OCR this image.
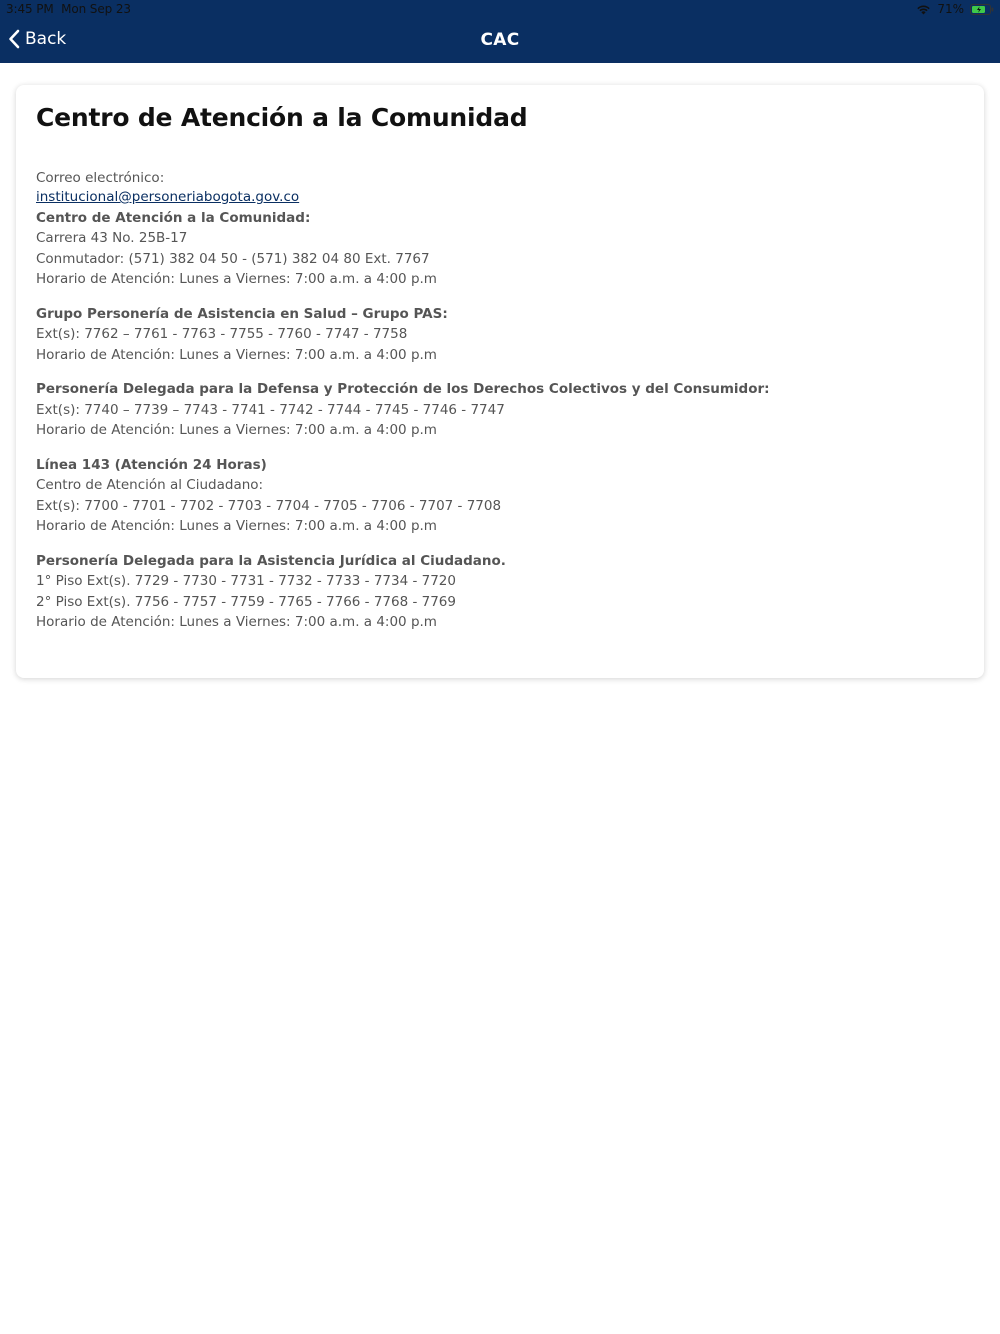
3:45 PM Mon Sep 23	71%
Back	CAC
Centro de Atención a la Comunidad
Correo electrónico:
institucional@personeriabogota.gov.co
Centro de Atención a la Comunidad:
Carrera 43 No. 25B-17
Conmutador: (571) 382 04 50 - (571) 382 04 80 Ext. 7767
Horario de Atención: Lunes a Viernes: 7:00 a.m. a 4:00 p.m
Grupo Personería de Asistencia en Salud – Grupo PAS:
Ext(s): 7762 – 7761 - 7763 - 7755 - 7760 - 7747 - 7758
Horario de Atención: Lunes a Viernes: 7:00 a.m. a 4:00 p.m
Personería Delegada para la Defensa y Protección de los Derechos Colectivos y del Consumidor:
Ext(s): 7740 – 7739 – 7743 - 7741 - 7742 - 7744 - 7745 - 7746 - 7747
Horario de Atención: Lunes a Viernes: 7:00 a.m. a 4:00 p.m
Línea 143 (Atención 24 Horas)
Centro de Atención al Ciudadano:
Ext(s): 7700 - 7701 - 7702 - 7703 - 7704 - 7705 - 7706 - 7707 - 7708
Horario de Atención: Lunes a Viernes: 7:00 a.m. a 4:00 p.m
Personería Delegada para la Asistencia Jurídica al Ciudadano.
1° Piso Ext(s). 7729 - 7730 - 7731 - 7732 - 7733 - 7734 - 7720
2° Piso Ext(s). 7756 - 7757 - 7759 - 7765 - 7766 - 7768 - 7769
Horario de Atención: Lunes a Viernes: 7:00 a.m. a 4:00 p.m
